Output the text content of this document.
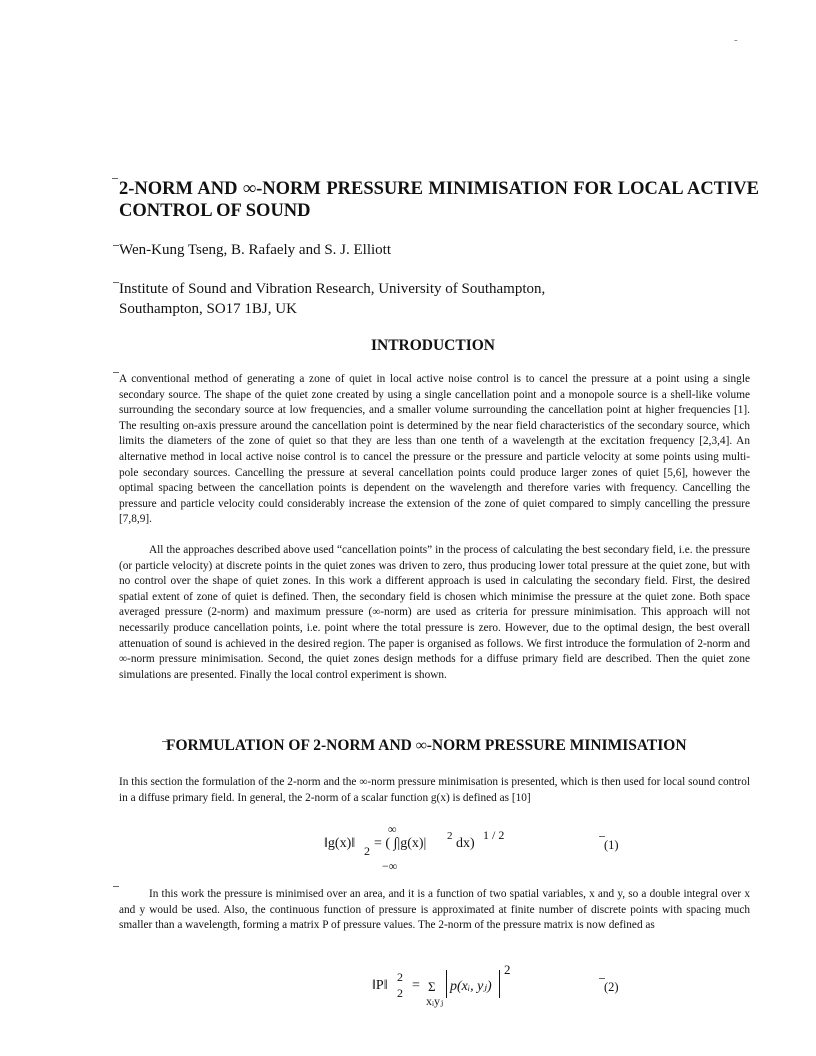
-
2-NORM AND ∞-NORM PRESSURE MINIMISATION FOR LOCAL ACTIVE CONTROL OF SOUND
Wen-Kung Tseng, B. Rafaely and S. J. Elliott
Institute of Sound and Vibration Research, University of Southampton,
Southampton, SO17 1BJ, UK
INTRODUCTION

A conventional method of generating a zone of quiet in local active noise control is to cancel the pressure at a point using a single secondary source. The shape of the quiet zone created by using a single cancellation point and a monopole source is a shell-like volume surrounding the secondary source at low frequencies, and a smaller volume surrounding the cancellation point at higher frequencies [1]. The resulting on-axis pressure around the cancellation point is determined by the near field characteristics of the secondary source, which limits the diameters of the zone of quiet so that they are less than one tenth of a wavelength at the excitation frequency [2,3,4]. An alternative method in local active noise control is to cancel the pressure or the pressure and particle velocity at some points using multi-pole secondary sources. Cancelling the pressure at several cancellation points could produce larger zones of quiet [5,6], however the optimal spacing between the cancellation points is dependent on the wavelength and therefore varies with frequency. Cancelling the pressure and particle velocity could considerably increase the extension of the zone of quiet compared to simply cancelling the pressure [7,8,9].

All the approaches described above used “cancellation points” in the process of calculating the best secondary field, i.e. the pressure (or particle velocity) at discrete points in the quiet zones was driven to zero, thus producing lower total pressure at the quiet zone, but with no control over the shape of quiet zones. In this work a different approach is used in calculating the secondary field. First, the desired spatial extent of zone of quiet is defined. Then, the secondary field is chosen which minimise the pressure at the quiet zone. Both space averaged pressure (2-norm) and maximum pressure (∞-norm) are used as criteria for pressure minimisation. This approach will not necessarily produce cancellation points, i.e. point where the total pressure is zero. However, due to the optimal design, the best overall attenuation of sound is achieved in the desired region. The paper is organised as follows. We first introduce the formulation of 2-norm and ∞-norm pressure minimisation. Second, the quiet zones design methods for a diffuse primary field are described. Then the quiet zone simulations are presented. Finally the local control experiment is shown.

FORMULATION OF 2-NORM AND ∞-NORM PRESSURE MINIMISATION

In this section the formulation of the 2-norm and the ∞-norm pressure minimisation is presented, which is then used for local sound control in a diffuse primary field. In general, the 2-norm of a scalar function g(x) is defined as [10]

∞
‖g(x)‖ 2 = ( ∫|g(x)| 2 dx)
1 / 2
−∞
(1)

In this work the pressure is minimised over an area, and it is a function of two spatial variables, x and y, so a double integral over x and y would be used. Also, the continuous function of pressure is approximated at finite number of discrete points with spacing much smaller than a wavelength, forming a matrix P of pressure values. The 2-norm of the pressure matrix is now defined as

‖P‖
2
2 = Σ
xᵢyⱼ
p(xᵢ, yⱼ)
2
(2)
